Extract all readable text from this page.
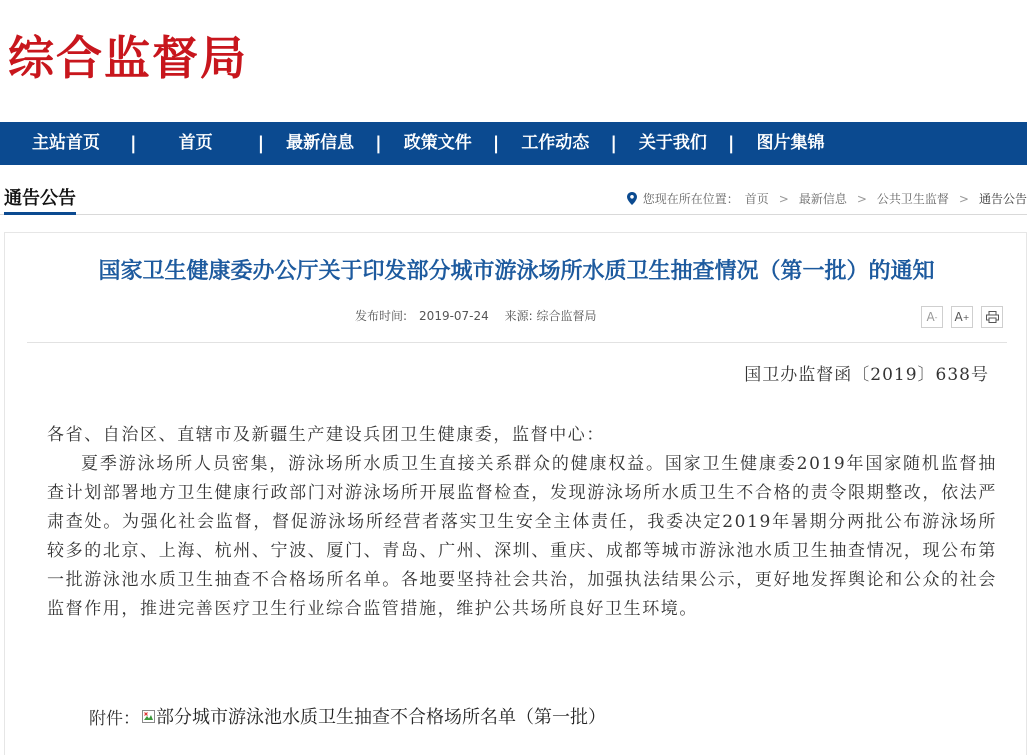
综合监督局
主站首页 | 首页	| 最新信息 | 政策文件 | 工作动态 | 关于我们 | 图片集锦
通告公告	您现在所在位置： 首页 > 最新信息 > 公共卫生监督 > 通告公告
国家卫生健康委办公厅关于印发部分城市游泳场所水质卫生抽查情况（第一批）的通知
发布时间:　2019-07-24 来源: 综合监督局	A - A +
国卫办监督函〔2019〕638号
各省、自治区、直辖市及新疆生产建设兵团卫生健康委，监督中心：
夏季游泳场所人员密集，游泳场所水质卫生直接关系群众的健康权益。国家卫生健康委2019年国家随机监督抽查计划部署地方卫生健康行政部门对游泳场所开展监督检查，发现游泳场所水质卫生不合格的责令限期整改，依法严肃查处。为强化社会监督，督促游泳场所经营者落实卫生安全主体责任，我委决定2019年暑期分两批公布游泳场所较多的北京、上海、杭州、宁波、厦门、青岛、广州、深圳、重庆、成都等城市游泳池水质卫生抽查情况，现公布第一批游泳池水质卫生抽查不合格场所名单。各地要坚持社会共治，加强执法结果公示，更好地发挥舆论和公众的社会监督作用，推进完善医疗卫生行业综合监管措施，维护公共场所良好卫生环境。
附件： 部分城市游泳池水质卫生抽查不合格场所名单（第一批）
